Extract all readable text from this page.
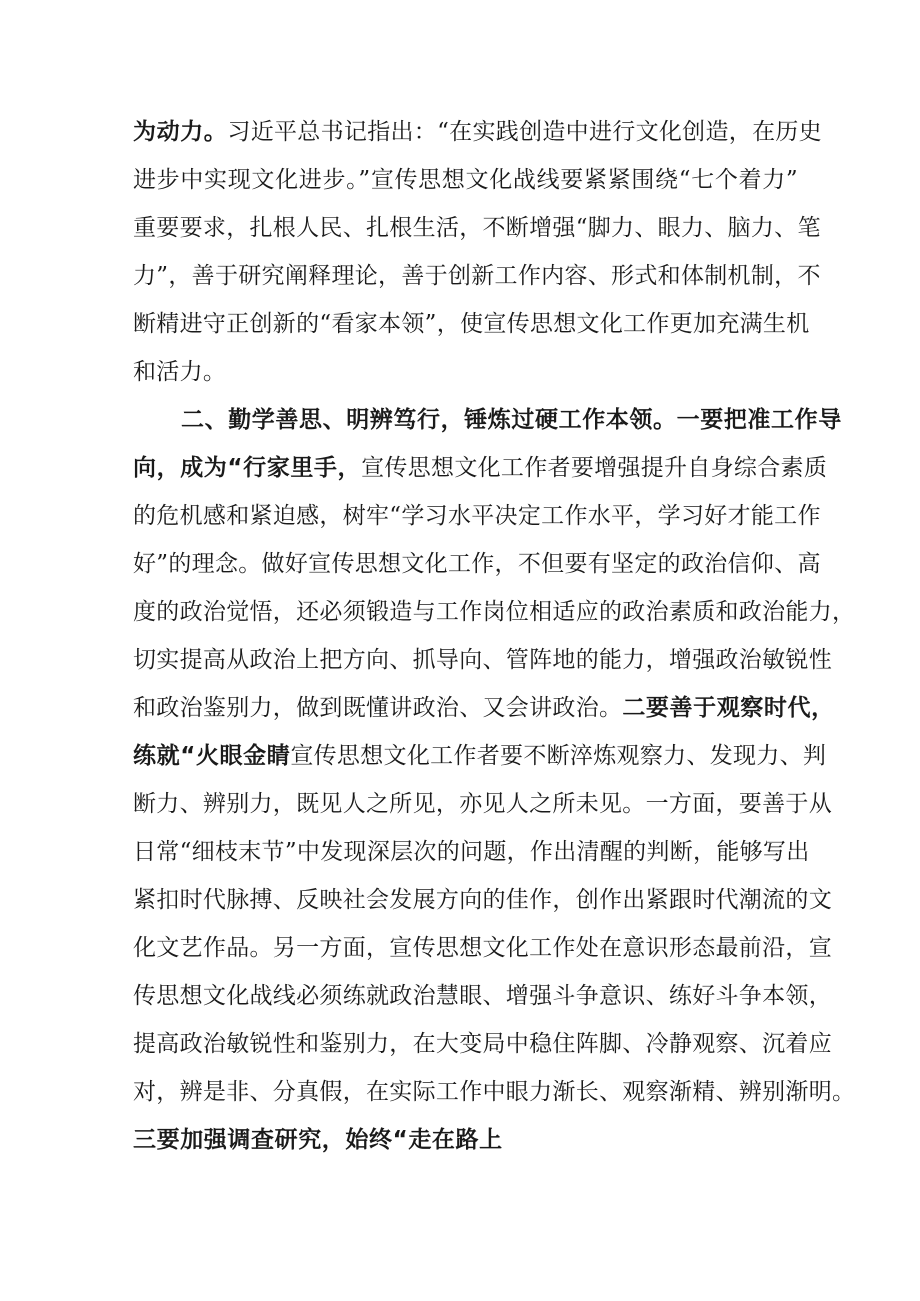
为动力。习近平总书记指出：“在实践创造中进行文化创造，在历史
进步中实现文化进步。”宣传思想文化战线要紧紧围绕“七个着力”
重要要求，扎根人民、扎根生活，不断增强“脚力、眼力、脑力、笔
力”，善于研究阐释理论，善于创新工作内容、形式和体制机制，不
断精进守正创新的“看家本领”，使宣传思想文化工作更加充满生机
和活力。
二、勤学善思、明辨笃行，锤炼过硬工作本领。一要把准工作导
向，成为“行家里手，宣传思想文化工作者要增强提升自身综合素质
的危机感和紧迫感，树牢“学习水平决定工作水平，学习好才能工作
好”的理念。做好宣传思想文化工作，不但要有坚定的政治信仰、高
度的政治觉悟，还必须锻造与工作岗位相适应的政治素质和政治能力，
切实提高从政治上把方向、抓导向、管阵地的能力，增强政治敏锐性
和政治鉴别力，做到既懂讲政治、又会讲政治。二要善于观察时代，
练就“火眼金睛宣传思想文化工作者要不断淬炼观察力、发现力、判
断力、辨别力，既见人之所见，亦见人之所未见。一方面，要善于从
日常“细枝末节”中发现深层次的问题，作出清醒的判断，能够写出
紧扣时代脉搏、反映社会发展方向的佳作，创作出紧跟时代潮流的文
化文艺作品。另一方面，宣传思想文化工作处在意识形态最前沿，宣
传思想文化战线必须练就政治慧眼、增强斗争意识、练好斗争本领，
提高政治敏锐性和鉴别力，在大变局中稳住阵脚、冷静观察、沉着应
对，辨是非、分真假，在实际工作中眼力渐长、观察渐精、辨别渐明。
三要加强调查研究，始终“走在路上
